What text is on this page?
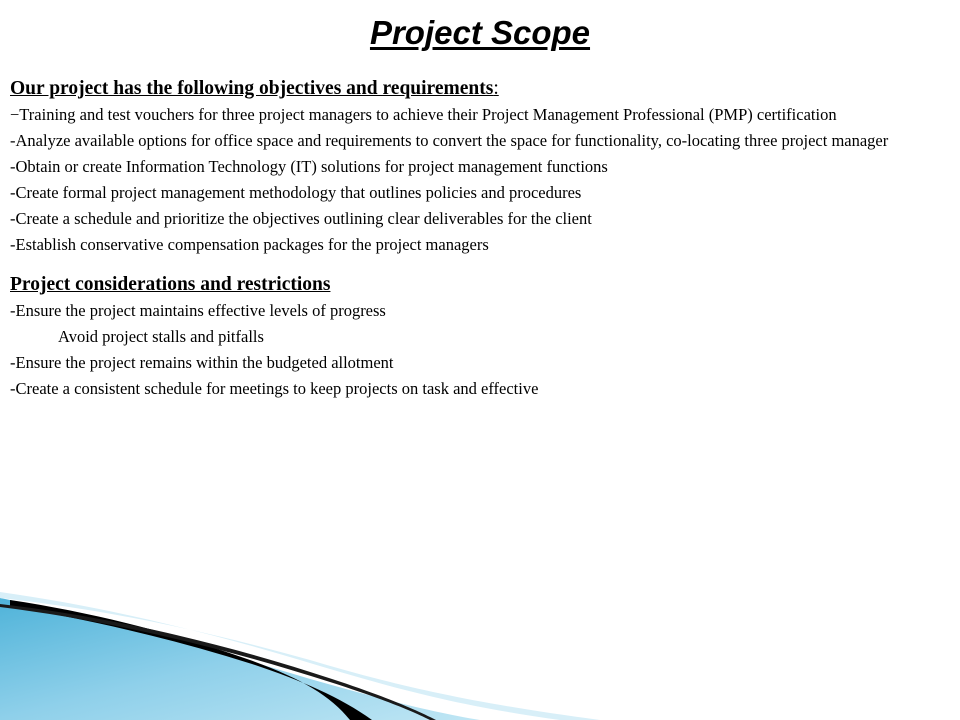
Project Scope

Our project has the following objectives and requirements:

−Training and test vouchers for three project managers to achieve their Project Management Professional (PMP) certification

-Analyze available options for office space and requirements to convert the space for functionality, co-locating three project manager

-Obtain or create Information Technology (IT) solutions for project management functions

-Create formal project management methodology that outlines policies and procedures

-Create a schedule and prioritize the objectives outlining clear deliverables for the client

-Establish conservative compensation packages for the project managers

Project considerations and restrictions

-Ensure the project maintains effective levels of progress

Avoid project stalls and pitfalls

-Ensure the project remains within the budgeted allotment

-Create a consistent schedule for meetings to keep projects on task and effective
